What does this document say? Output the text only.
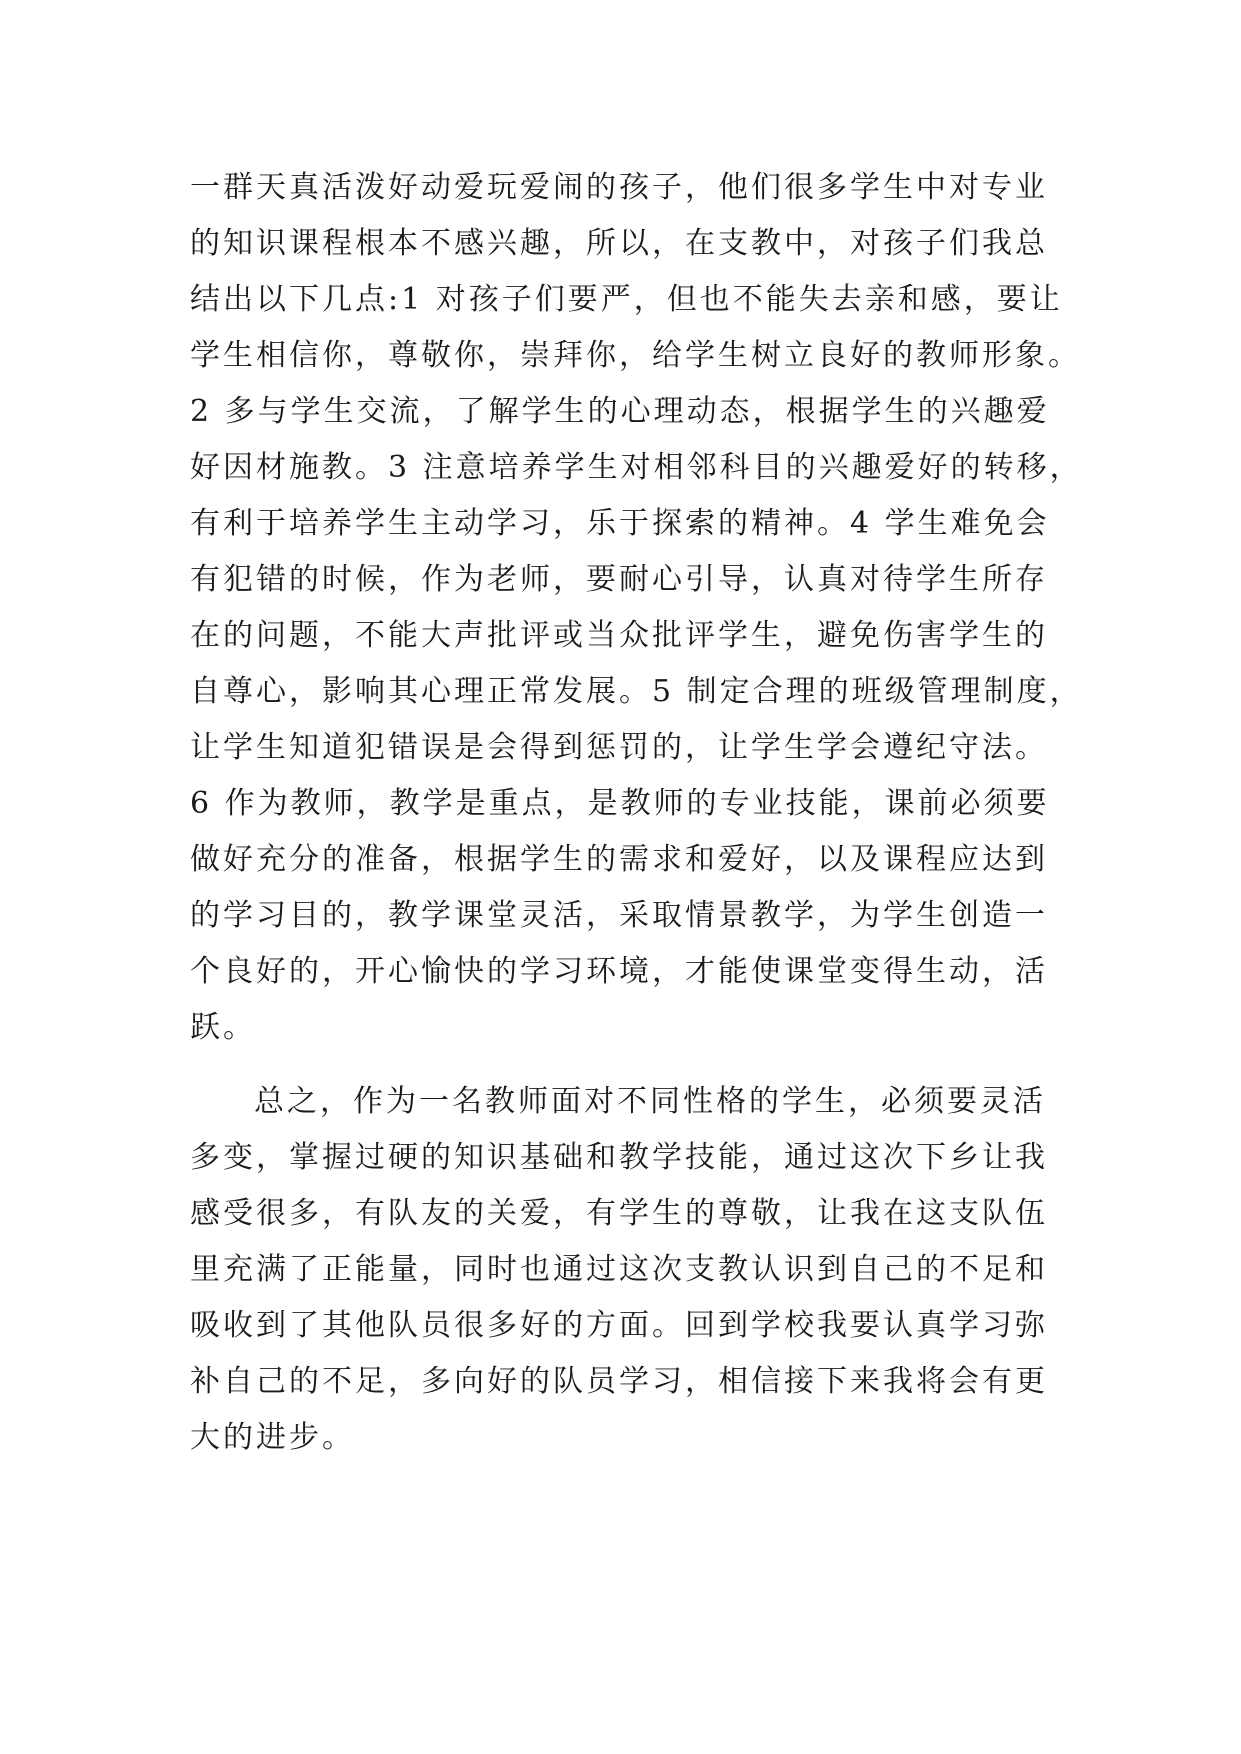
一群天真活泼好动爱玩爱闹的孩子，他们很多学生中对专业
的知识课程根本不感兴趣，所以，在支教中，对孩子们我总
结出以下几点:1 对孩子们要严，但也不能失去亲和感，要让
学生相信你，尊敬你，崇拜你，给学生树立良好的教师形象。
2 多与学生交流，了解学生的心理动态，根据学生的兴趣爱
好因材施教。3 注意培养学生对相邻科目的兴趣爱好的转移，
有利于培养学生主动学习，乐于探索的精神。4 学生难免会
有犯错的时候，作为老师，要耐心引导，认真对待学生所存
在的问题，不能大声批评或当众批评学生，避免伤害学生的
自尊心，影响其心理正常发展。5 制定合理的班级管理制度，
让学生知道犯错误是会得到惩罚的，让学生学会遵纪守法。
6 作为教师，教学是重点，是教师的专业技能，课前必须要
做好充分的准备，根据学生的需求和爱好，以及课程应达到
的学习目的，教学课堂灵活，采取情景教学，为学生创造一
个良好的，开心愉快的学习环境，才能使课堂变得生动，活
跃。
总之，作为一名教师面对不同性格的学生，必须要灵活
多变，掌握过硬的知识基础和教学技能，通过这次下乡让我
感受很多，有队友的关爱，有学生的尊敬，让我在这支队伍
里充满了正能量，同时也通过这次支教认识到自己的不足和
吸收到了其他队员很多好的方面。回到学校我要认真学习弥
补自己的不足，多向好的队员学习，相信接下来我将会有更
大的进步。
